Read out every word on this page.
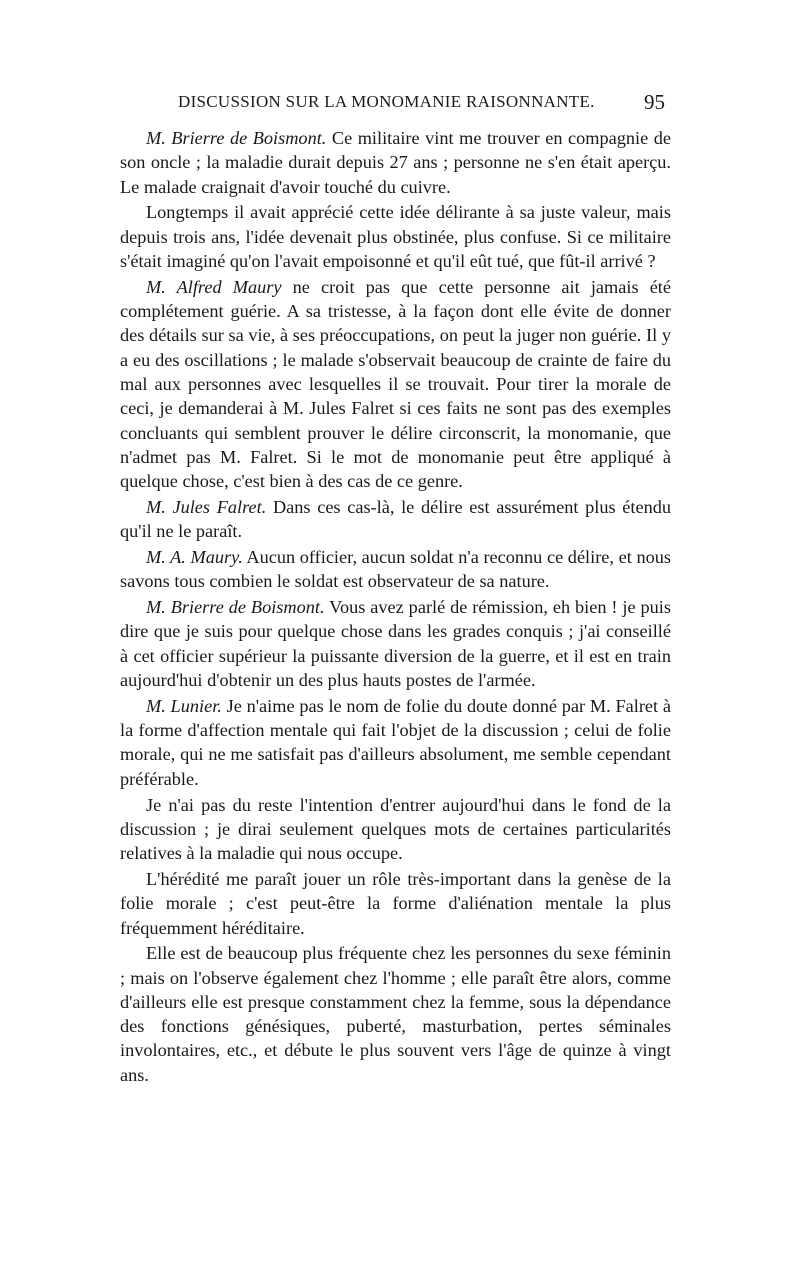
DISCUSSION SUR LA MONOMANIE RAISONNANTE. 95

M. Brierre de Boismont. Ce militaire vint me trouver en compagnie de son oncle ; la maladie durait depuis 27 ans ; personne ne s'en était aperçu. Le malade craignait d'avoir touché du cuivre.

Longtemps il avait apprécié cette idée délirante à sa juste valeur, mais depuis trois ans, l'idée devenait plus obstinée, plus confuse. Si ce militaire s'était imaginé qu'on l'avait empoisonné et qu'il eût tué, que fût-il arrivé ?

M. Alfred Maury ne croit pas que cette personne ait jamais été complétement guérie. A sa tristesse, à la façon dont elle évite de donner des détails sur sa vie, à ses préoccupations, on peut la juger non guérie. Il y a eu des oscillations ; le malade s'observait beaucoup de crainte de faire du mal aux personnes avec lesquelles il se trouvait. Pour tirer la morale de ceci, je demanderai à M. Jules Falret si ces faits ne sont pas des exemples concluants qui semblent prouver le délire circonscrit, la monomanie, que n'admet pas M. Falret. Si le mot de monomanie peut être appliqué à quelque chose, c'est bien à des cas de ce genre.

M. Jules Falret. Dans ces cas-là, le délire est assurément plus étendu qu'il ne le paraît.

M. A. Maury. Aucun officier, aucun soldat n'a reconnu ce délire, et nous savons tous combien le soldat est observateur de sa nature.

M. Brierre de Boismont. Vous avez parlé de rémission, eh bien ! je puis dire que je suis pour quelque chose dans les grades conquis ; j'ai conseillé à cet officier supérieur la puissante diversion de la guerre, et il est en train aujourd'hui d'obtenir un des plus hauts postes de l'armée.

M. Lunier. Je n'aime pas le nom de folie du doute donné par M. Falret à la forme d'affection mentale qui fait l'objet de la discussion ; celui de folie morale, qui ne me satisfait pas d'ailleurs absolument, me semble cependant préférable.

Je n'ai pas du reste l'intention d'entrer aujourd'hui dans le fond de la discussion ; je dirai seulement quelques mots de certaines particularités relatives à la maladie qui nous occupe.

L'hérédité me paraît jouer un rôle très-important dans la genèse de la folie morale ; c'est peut-être la forme d'aliénation mentale la plus fréquemment héréditaire.

Elle est de beaucoup plus fréquente chez les personnes du sexe féminin ; mais on l'observe également chez l'homme ; elle paraît être alors, comme d'ailleurs elle est presque constamment chez la femme, sous la dépendance des fonctions génésiques, puberté, masturbation, pertes séminales involontaires, etc., et débute le plus souvent vers l'âge de quinze à vingt ans.
